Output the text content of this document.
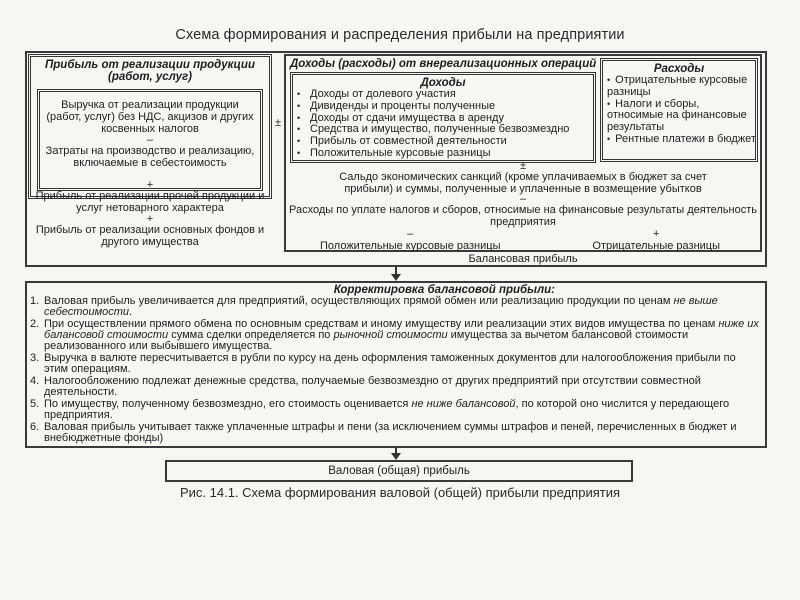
Схема формирования и распределения прибыли на предприятии
Прибыль от реализации продукции (работ, услуг)
Выручка от реализации продукции (работ, услуг) без НДС, акцизов и других косвенных налогов
–
Затраты на производство и реализацию, включаемые в себестоимость
+
Прибыль от реализации прочей продукции и услуг нетоварного характера
+
Прибыль от реализации основных фондов и другого имущества
±
Доходы (расходы) от внереализационных операций
Доходы
• Доходы от долевого участия
• Дивиденды и проценты полученные
• Доходы от сдачи имущества в аренду
• Средства и имущество, полученные безвозмездно
• Прибыль от совместной деятельности
• Положительные курсовые разницы
Расходы
•  Отрицательные курсовые разницы
•  Налоги и сборы, относимые на финансовые результаты
•  Рентные платежи в бюджет
±
Сальдо экономических санкций (кроме уплачиваемых в бюджет за счет прибыли) и суммы, полученные и уплаченные в возмещение убытков
–
Расходы по уплате налогов и сборов, относимые на финансовые результаты деятельность предприятия
–
Положительные курсовые разницы
+
Отрицательные разницы
Балансовая прибыль
Корректировка балансовой прибыли:
1. Валовая прибыль увеличивается для предприятий, осуществляющих прямой обмен или реализацию продукции по ценам не выше себестоимости.
2. При осуществлении прямого обмена по основным средствам и иному имуществу или реализации этих видов имущества по ценам ниже их балансовой стоимости сумма сделки определяется по рыночной стоимости имущества за вычетом балансовой стоимости реализованного или выбывшего имущества.
3. Выручка в валюте пересчитывается в рубли по курсу на день оформления таможенных документов дли налогообложения прибыли по этим операциям.
4. Налогообложению подлежат денежные средства, получаемые безвозмездно от других предприятий при отсутствии совместной деятельности.
5. По имуществу, полученному безвозмездно, его стоимость оценивается не ниже балансовой, по которой оно числится у передающего предприятия.
6. Валовая прибыль учитывает также уплаченные штрафы и пени (за исключением суммы штрафов и пеней, перечисленных в бюджет и внебюджетные фонды)
Валовая (общая) прибыль
Рис. 14.1. Схема формирования валовой (общей) прибыли предприятия
